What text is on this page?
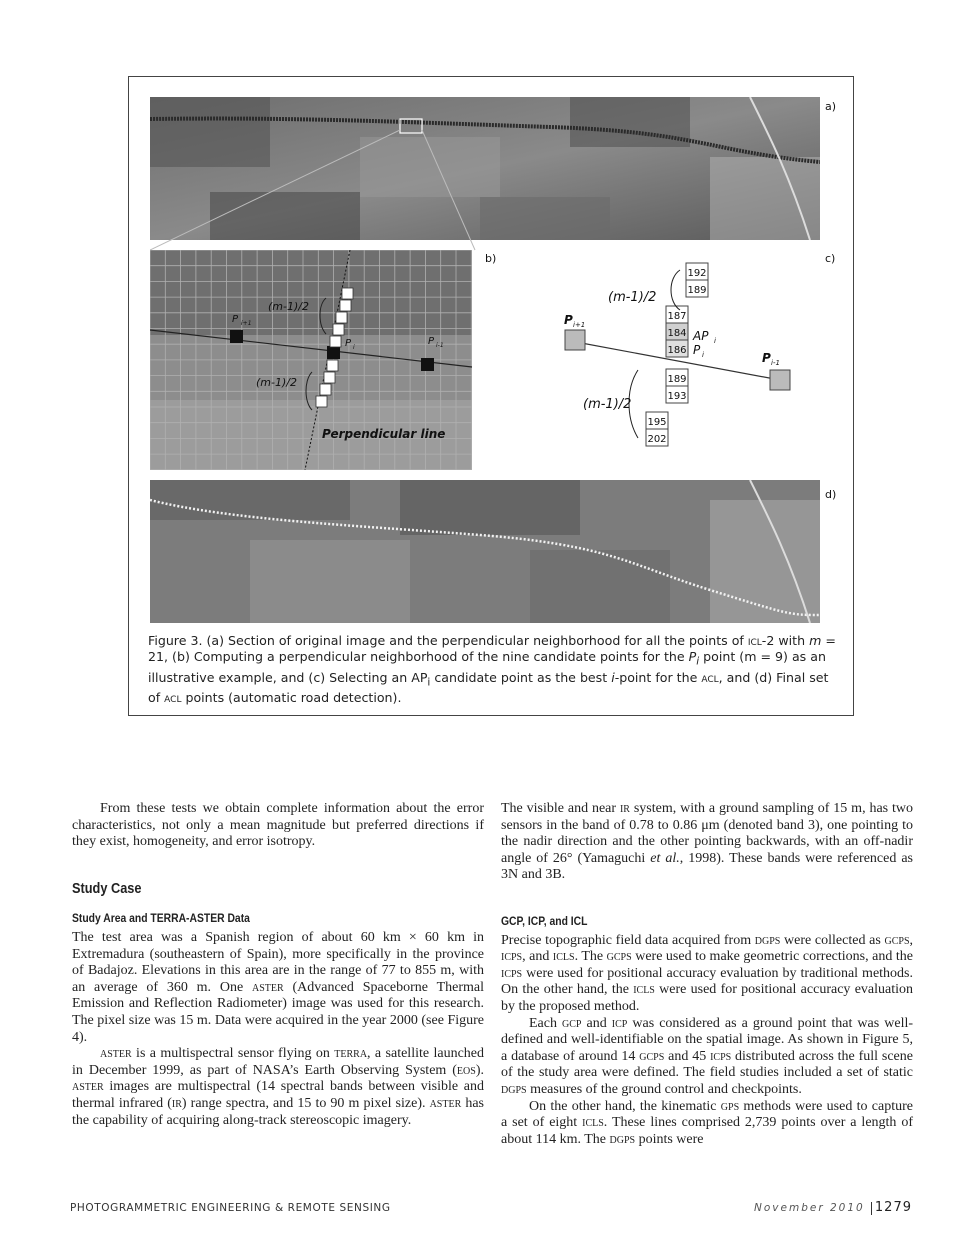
a)
(m-1)/2
(m-1)/2
P i+1
P i
P i-1
Perpendicular line
b)	c)
192
189
187
184
186
189
193
195
202
(m-1)/2
(m-1)/2
P i+1
AP i
P i	P i-1
d)
Figure 3. (a) Section of original image and the perpendicular neighborhood for all the points of icl-2 with m = 21, (b) Computing a perpendicular neighborhood of the nine candidate points for the $P_i$ point (m = 9) as an illustrative example, and (c) Selecting an $AP_i$ candidate point as the best i-point for the acl, and (d) Final set of acl points (automatic road detection).

From these tests we obtain complete information about the error characteristics, not only a mean magnitude but preferred directions if they exist, homogeneity, and error isotropy.

Study Case
Study Area and TERRA-ASTER Data

The test area was a Spanish region of about 60 km × 60 km in Extremadura (southeastern of Spain), more specifically in the province of Badajoz. Elevations in this area are in the range of 77 to 855 m, with an average of 360 m. One aster (Advanced Spaceborne Thermal Emission and Reflection Radiometer) image was used for this research. The pixel size was 15 m. Data were acquired in the year 2000 (see Figure 4).

aster is a multispectral sensor flying on terra, a satellite launched in December 1999, as part of NASA’s Earth Observing System (eos). aster images are multispectral (14 spectral bands between visible and thermal infrared (ir) range spectra, and 15 to 90 m pixel size). aster has the capability of acquiring along-track stereoscopic imagery.

The visible and near ir system, with a ground sampling of 15 m, has two sensors in the band of 0.78 to 0.86 μm (denoted band 3), one pointing to the nadir direction and the other pointing backwards, with an off-nadir angle of 26° (Yamaguchi et al., 1998). These bands were referenced as 3N and 3B.

GCP, ICP, and ICL

Precise topographic field data acquired from dgps were collected as gcps, icps, and icls. The gcps were used to make geometric corrections, and the icps were used for positional accuracy evaluation by traditional methods. On the other hand, the icls were used for positional accuracy evaluation by the proposed method.

Each gcp and icp was considered as a ground point that was well-defined and well-identifiable on the spatial image. As shown in Figure 5, a database of around 14 gcps and 45 icps distributed across the full scene of the study area were defined. The field studies included a set of static dgps measures of the ground control and checkpoints.

On the other hand, the kinematic gps methods were used to capture a set of eight icls. These lines comprised 2,739 points over a length of about 114 km. The dgps points were

PHOTOGRAMMETRIC ENGINEERING & REMOTE SENSING	November 2010 1279
